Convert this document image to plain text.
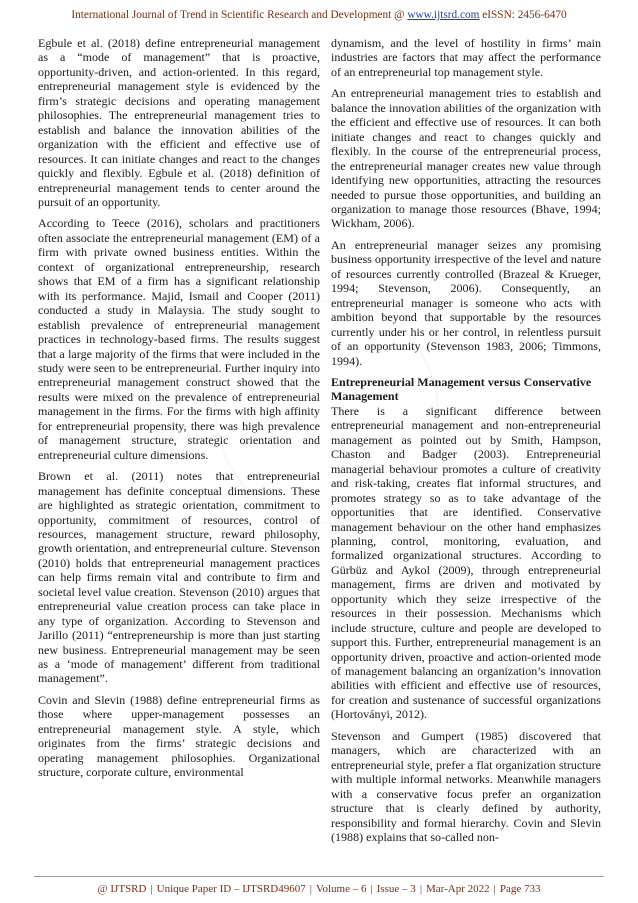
International Journal of Trend in Scientific Research and Development @ www.ijtsrd.com eISSN: 2456-6470

Egbule et al. (2018) define entrepreneurial management as a “mode of management” that is proactive, opportunity-driven, and action-oriented. In this regard, entrepreneurial management style is evidenced by the firm’s strategic decisions and operating management philosophies. The entrepreneurial management tries to establish and balance the innovation abilities of the organization with the efficient and effective use of resources. It can initiate changes and react to the changes quickly and flexibly. Egbule et al. (2018) definition of entrepreneurial management tends to center around the pursuit of an opportunity.

According to Teece (2016), scholars and practitioners often associate the entrepreneurial management (EM) of a firm with private owned business entities. Within the context of organizational entrepreneurship, research shows that EM of a firm has a significant relationship with its performance. Majid, Ismail and Cooper (2011) conducted a study in Malaysia. The study sought to establish prevalence of entrepreneurial management practices in technology-based firms. The results suggest that a large majority of the firms that were included in the study were seen to be entrepreneurial. Further inquiry into entrepreneurial management construct showed that the results were mixed on the prevalence of entrepreneurial management in the firms. For the firms with high affinity for entrepreneurial propensity, there was high prevalence of management structure, strategic orientation and entrepreneurial culture dimensions.

Brown et al. (2011) notes that entrepreneurial management has definite conceptual dimensions. These are highlighted as strategic orientation, commitment to opportunity, commitment of resources, control of resources, management structure, reward philosophy, growth orientation, and entrepreneurial culture. Stevenson (2010) holds that entrepreneurial management practices can help firms remain vital and contribute to firm and societal level value creation. Stevenson (2010) argues that entrepreneurial value creation process can take place in any type of organization. According to Stevenson and Jarillo (2011) “entrepreneurship is more than just starting new business. Entrepreneurial management may be seen as a ‘mode of management’ different from traditional management”.

Covin and Slevin (1988) define entrepreneurial firms as those where upper-management possesses an entrepreneurial management style. A style, which originates from the firms’ strategic decisions and operating management philosophies. Organizational structure, corporate culture, environmental

dynamism, and the level of hostility in firms’ main industries are factors that may affect the performance of an entrepreneurial top management style.

An entrepreneurial management tries to establish and balance the innovation abilities of the organization with the efficient and effective use of resources. It can both initiate changes and react to changes quickly and flexibly. In the course of the entrepreneurial process, the entrepreneurial manager creates new value through identifying new opportunities, attracting the resources needed to pursue those opportunities, and building an organization to manage those resources (Bhave, 1994; Wickham, 2006).

An entrepreneurial manager seizes any promising business opportunity irrespective of the level and nature of resources currently controlled (Brazeal & Krueger, 1994; Stevenson, 2006). Consequently, an entrepreneurial manager is someone who acts with ambition beyond that supportable by the resources currently under his or her control, in relentless pursuit of an opportunity (Stevenson 1983, 2006; Timmons, 1994).

Entrepreneurial Management versus Conservative Management

There is a significant difference between entrepreneurial management and non-entrepreneurial management as pointed out by Smith, Hampson, Chaston and Badger (2003). Entrepreneurial managerial behaviour promotes a culture of creativity and risk-taking, creates flat informal structures, and promotes strategy so as to take advantage of the opportunities that are identified. Conservative management behaviour on the other hand emphasizes planning, control, monitoring, evaluation, and formalized organizational structures. According to Gürbüz and Aykol (2009), through entrepreneurial management, firms are driven and motivated by opportunity which they seize irrespective of the resources in their possession. Mechanisms which include structure, culture and people are developed to support this. Further, entrepreneurial management is an opportunity driven, proactive and action-oriented mode of management balancing an organization’s innovation abilities with efficient and effective use of resources, for creation and sustenance of successful organizations (Hortoványi, 2012).

Stevenson and Gumpert (1985) discovered that managers, which are characterized with an entrepreneurial style, prefer a flat organization structure with multiple informal networks. Meanwhile managers with a conservative focus prefer an organization structure that is clearly defined by authority, responsibility and formal hierarchy. Covin and Slevin (1988) explains that so-called non-

@ IJTSRD | Unique Paper ID – IJTSRD49607 | Volume – 6 | Issue – 3 | Mar-Apr 2022 | Page 733
